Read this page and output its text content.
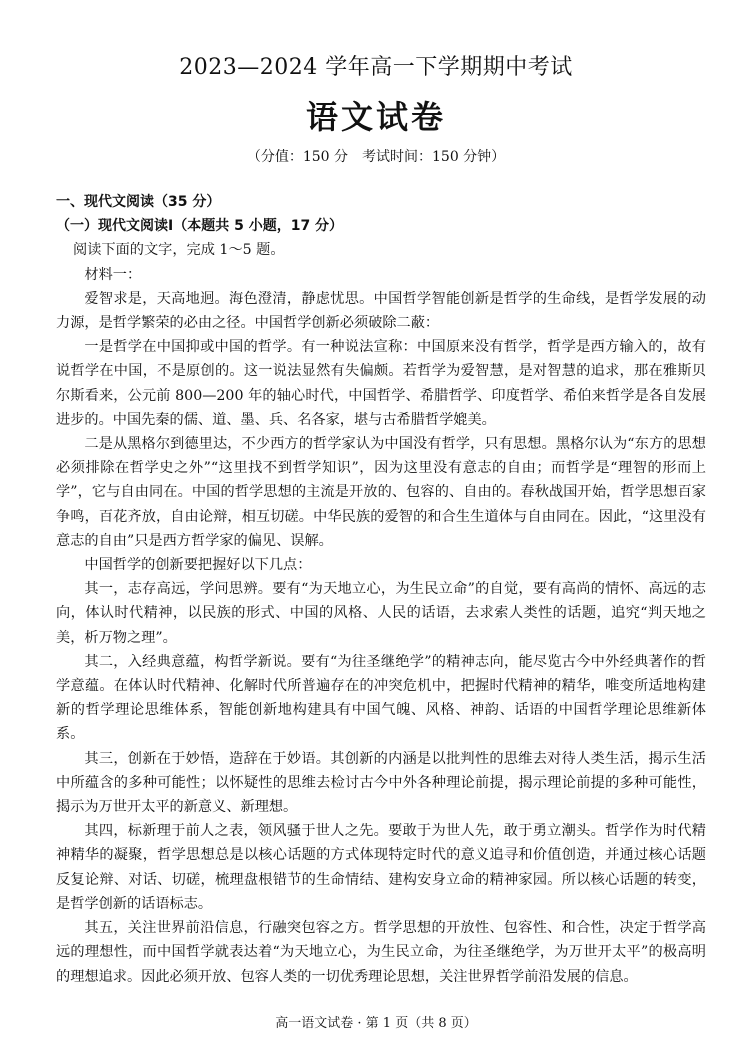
2023—2024 学年高一下学期期中考试
语文试卷
（分值：150 分　考试时间：150 分钟）

一、现代文阅读（35 分）

（一）现代文阅读Ⅰ（本题共 5 小题，17 分）

阅读下面的文字，完成 1～5 题。

材料一：

爱智求是，天高地迥。海色澄清，静虑忧思。中国哲学智能创新是哲学的生命线，是哲学发展的动力源，是哲学繁荣的必由之径。中国哲学创新必须破除二蔽：

一是哲学在中国抑或中国的哲学。有一种说法宣称：中国原来没有哲学，哲学是西方输入的，故有说哲学在中国，不是原创的。这一说法显然有失偏颇。若哲学为爱智慧，是对智慧的追求，那在雅斯贝尔斯看来，公元前 800—200 年的轴心时代，中国哲学、希腊哲学、印度哲学、希伯来哲学是各自发展进步的。中国先秦的儒、道、墨、兵、名各家，堪与古希腊哲学媲美。

二是从黑格尔到德里达，不少西方的哲学家认为中国没有哲学，只有思想。黑格尔认为“东方的思想必须排除在哲学史之外”“这里找不到哲学知识”，因为这里没有意志的自由；而哲学是“理智的形而上学”，它与自由同在。中国的哲学思想的主流是开放的、包容的、自由的。春秋战国开始，哲学思想百家争鸣，百花齐放，自由论辩，相互切磋。中华民族的爱智的和合生生道体与自由同在。因此，“这里没有意志的自由”只是西方哲学家的偏见、误解。

中国哲学的创新要把握好以下几点：

其一，志存高远，学问思辨。要有“为天地立心，为生民立命”的自觉，要有高尚的情怀、高远的志向，体认时代精神，以民族的形式、中国的风格、人民的话语，去求索人类性的话题，追究“判天地之美，析万物之理”。

其二，入经典意蕴，构哲学新说。要有“为往圣继绝学”的精神志向，能尽览古今中外经典著作的哲学意蕴。在体认时代精神、化解时代所普遍存在的冲突危机中，把握时代精神的精华，唯变所适地构建新的哲学理论思维体系，智能创新地构建具有中国气魄、风格、神韵、话语的中国哲学理论思维新体系。

其三，创新在于妙悟，造辞在于妙语。其创新的内涵是以批判性的思维去对待人类生活，揭示生活中所蕴含的多种可能性；以怀疑性的思维去检讨古今中外各种理论前提，揭示理论前提的多种可能性，揭示为万世开太平的新意义、新理想。

其四，标新理于前人之表，领风骚于世人之先。要敢于为世人先，敢于勇立潮头。哲学作为时代精神精华的凝聚，哲学思想总是以核心话题的方式体现特定时代的意义追寻和价值创造，并通过核心话题反复论辩、对话、切磋，梳理盘根错节的生命情结、建构安身立命的精神家园。所以核心话题的转变，是哲学创新的话语标志。

其五，关注世界前沿信息，行融突包容之方。哲学思想的开放性、包容性、和合性，决定于哲学高远的理想性，而中国哲学就表达着“为天地立心，为生民立命，为往圣继绝学，为万世开太平”的极高明的理想追求。因此必须开放、包容人类的一切优秀理论思想，关注世界哲学前沿发展的信息。

高一语文试卷 · 第 1 页（共 8 页）
